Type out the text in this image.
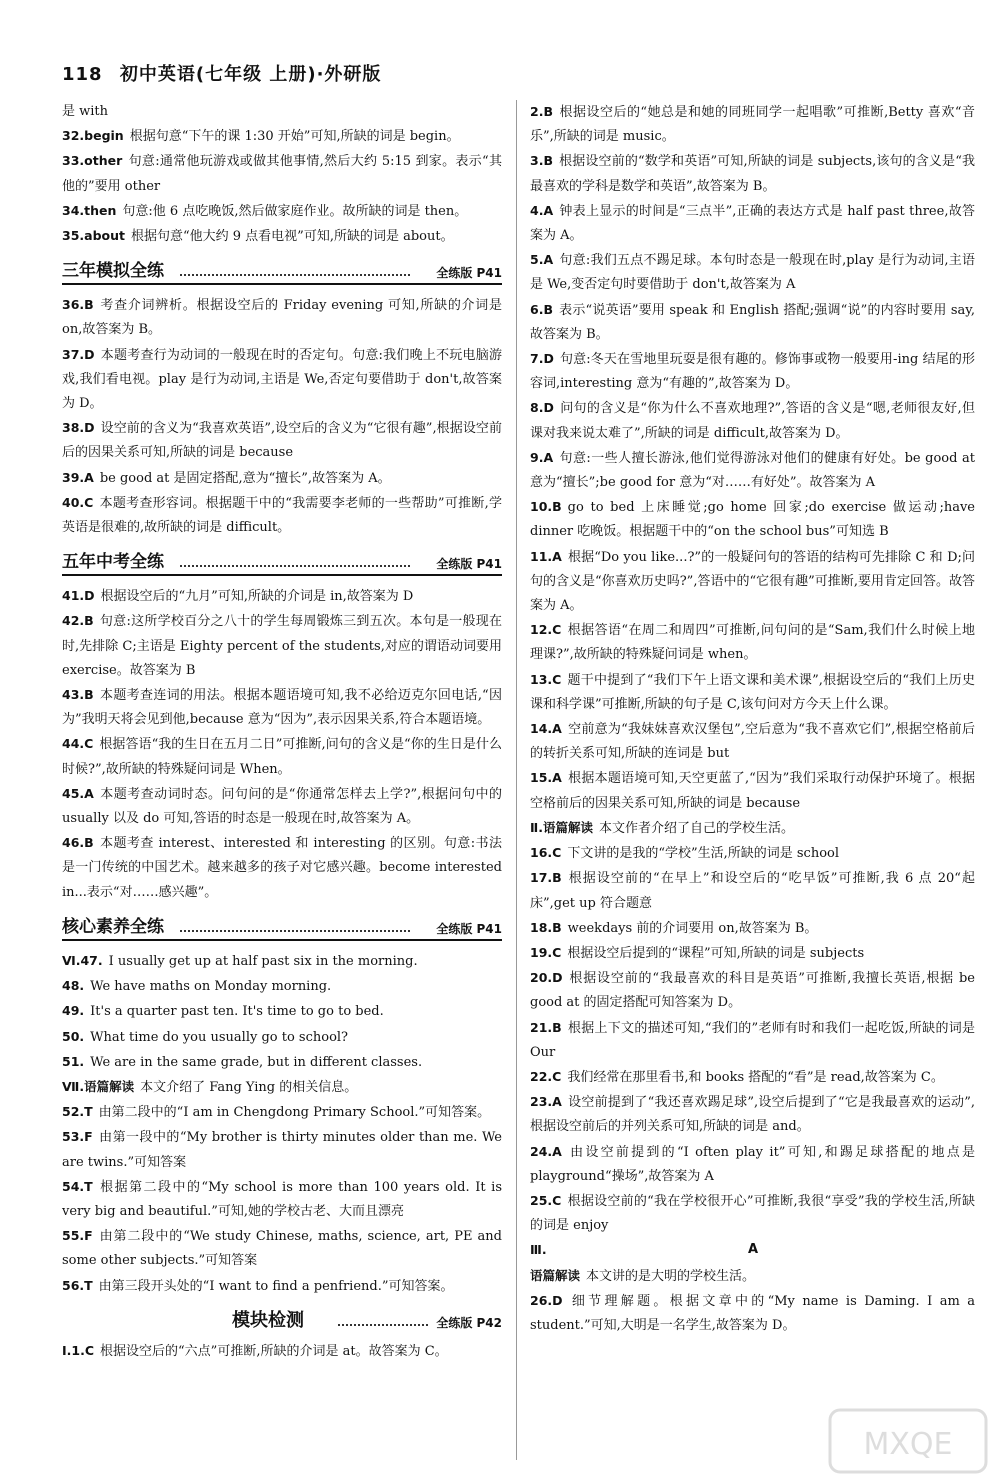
118 初中英语(七年级 上册)·外研版
是 with
32.begin 根据句意“下午的课 1:30 开始”可知,所缺的词是 begin。
33.other 句意:通常他玩游戏或做其他事情,然后大约 5:15 到家。表示“其他的”要用 other
34.then 句意:他 6 点吃晚饭,然后做家庭作业。故所缺的词是 then。
35.about 根据句意“他大约 9 点看电视”可知,所缺的词是 about。
三年模拟全练	全练版 P41
36.B 考查介词辨析。根据设空后的 Friday evening 可知,所缺的介词是 on,故答案为 B。
37.D 本题考查行为动词的一般现在时的否定句。句意:我们晚上不玩电脑游戏,我们看电视。play 是行为动词,主语是 We,否定句要借助于 don't,故答案为 D。
38.D 设空前的含义为“我喜欢英语”,设空后的含义为“它很有趣”,根据设空前后的因果关系可知,所缺的词是 because
39.A be good at 是固定搭配,意为“擅长”,故答案为 A。
40.C 本题考查形容词。根据题干中的“我需要李老师的一些帮助”可推断,学英语是很难的,故所缺的词是 difficult。
五年中考全练	全练版 P41
41.D 根据设空后的“九月”可知,所缺的介词是 in,故答案为 D
42.B 句意:这所学校百分之八十的学生每周锻炼三到五次。本句是一般现在时,先排除 C;主语是 Eighty percent of the students,对应的谓语动词要用 exercise。故答案为 B
43.B 本题考查连词的用法。根据本题语境可知,我不必给迈克尔回电话,“因为”我明天将会见到他,because 意为“因为”,表示因果关系,符合本题语境。
44.C 根据答语“我的生日在五月二日”可推断,问句的含义是“你的生日是什么时候?”,故所缺的特殊疑问词是 When。
45.A 本题考查动词时态。问句问的是“你通常怎样去上学?”,根据问句中的 usually 以及 do 可知,答语的时态是一般现在时,故答案为 A。
46.B 本题考查 interest、interested 和 interesting 的区别。句意:书法是一门传统的中国艺术。越来越多的孩子对它感兴趣。become interested in...表示“对……感兴趣”。
核心素养全练	全练版 P41
Ⅵ.47. I usually get up at half past six in the morning.
48. We have maths on Monday morning.
49. It's a quarter past ten. It's time to go to bed.
50. What time do you usually go to school?
51. We are in the same grade, but in different classes.
Ⅶ.语篇解读 本文介绍了 Fang Ying 的相关信息。
52.T 由第二段中的“I am in Chengdong Primary School.”可知答案。
53.F 由第一段中的“My brother is thirty minutes older than me. We are twins.”可知答案
54.T 根据第二段中的“My school is more than 100 years old. It is very big and beautiful.”可知,她的学校古老、大而且漂亮
55.F 由第二段中的“We study Chinese, maths, science, art, PE and some other subjects.”可知答案
56.T 由第三段开头处的“I want to find a penfriend.”可知答案。
模块检测	全练版 P42
Ⅰ.1.C 根据设空后的“六点”可推断,所缺的介词是 at。故答案为 C。
2.B 根据设空后的“她总是和她的同班同学一起唱歌”可推断,Betty 喜欢“音乐”,所缺的词是 music。
3.B 根据设空前的“数学和英语”可知,所缺的词是 subjects,该句的含义是“我最喜欢的学科是数学和英语”,故答案为 B。
4.A 钟表上显示的时间是“三点半”,正确的表达方式是 half past three,故答案为 A。
5.A 句意:我们五点不踢足球。本句时态是一般现在时,play 是行为动词,主语是 We,变否定句时要借助于 don't,故答案为 A
6.B 表示“说英语”要用 speak 和 English 搭配;强调“说”的内容时要用 say,故答案为 B。
7.D 句意:冬天在雪地里玩耍是很有趣的。修饰事或物一般要用-ing 结尾的形容词,interesting 意为“有趣的”,故答案为 D。
8.D 问句的含义是“你为什么不喜欢地理?”,答语的含义是“嗯,老师很友好,但课对我来说太难了”,所缺的词是 difficult,故答案为 D。
9.A 句意:一些人擅长游泳,他们觉得游泳对他们的健康有好处。be good at 意为“擅长”;be good for 意为“对……有好处”。故答案为 A
10.B go to bed 上床睡觉;go home 回家;do exercise 做运动;have dinner 吃晚饭。根据题干中的“on the school bus”可知选 B
11.A 根据“Do you like...?”的一般疑问句的答语的结构可先排除 C 和 D;问句的含义是“你喜欢历史吗?”,答语中的“它很有趣”可推断,要用肯定回答。故答案为 A。
12.C 根据答语“在周二和周四”可推断,问句问的是“Sam,我们什么时候上地理课?”,故所缺的特殊疑问词是 when。
13.C 题干中提到了“我们下午上语文课和美术课”,根据设空后的“我们上历史课和科学课”可推断,所缺的句子是 C,该句问对方今天上什么课。
14.A 空前意为“我妹妹喜欢汉堡包”,空后意为“我不喜欢它们”,根据空格前后的转折关系可知,所缺的连词是 but
15.A 根据本题语境可知,天空更蓝了,“因为”我们采取行动保护环境了。根据空格前后的因果关系可知,所缺的词是 because
Ⅱ.语篇解读 本文作者介绍了自己的学校生活。
16.C 下文讲的是我的“学校”生活,所缺的词是 school
17.B 根据设空前的“在早上”和设空后的“吃早饭”可推断,我 6 点 20“起床”,get up 符合题意
18.B weekdays 前的介词要用 on,故答案为 B。
19.C 根据设空后提到的“课程”可知,所缺的词是 subjects
20.D 根据设空前的“我最喜欢的科目是英语”可推断,我擅长英语,根据 be good at 的固定搭配可知答案为 D。
21.B 根据上下文的描述可知,“我们的”老师有时和我们一起吃饭,所缺的词是 Our
22.C 我们经常在那里看书,和 books 搭配的“看”是 read,故答案为 C。
23.A 设空前提到了“我还喜欢踢足球”,设空后提到了“它是我最喜欢的运动”,根据设空前后的并列关系可知,所缺的词是 and。
24.A 由设空前提到的“I often play it”可知,和踢足球搭配的地点是 playground“操场”,故答案为 A
25.C 根据设空前的“我在学校很开心”可推断,我很“享受”我的学校生活,所缺的词是 enjoy
Ⅲ.	A
语篇解读 本文讲的是大明的学校生活。
26.D 细节理解题。根据文章中的“My name is Daming. I am a student.”可知,大明是一名学生,故答案为 D。
MXQE
